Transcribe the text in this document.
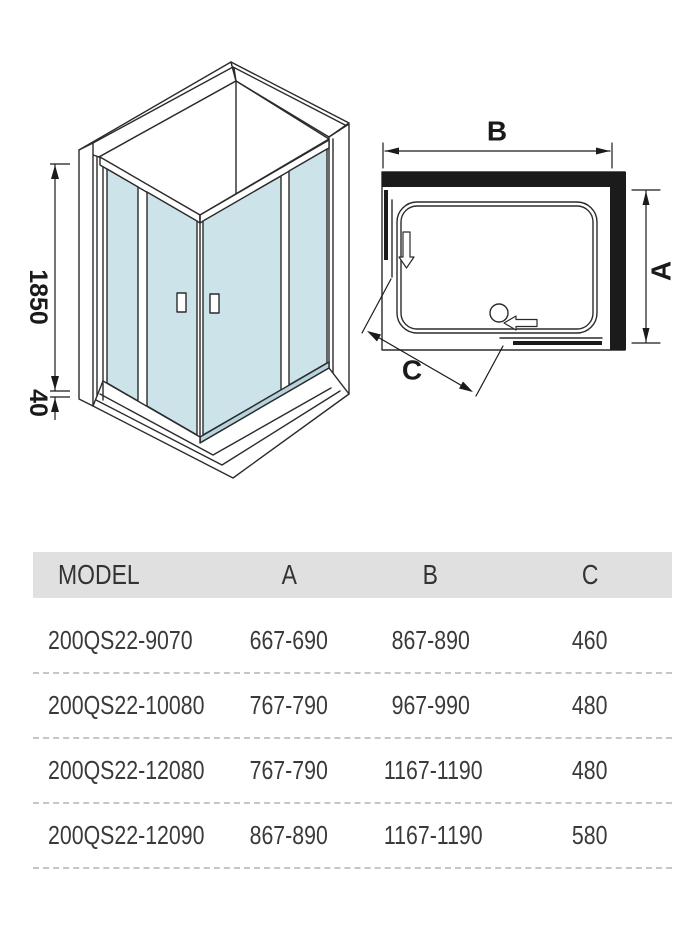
1850
40
B
A
C
MODEL	A	B	C
200QS22-9070	667-690	867-890	460
200QS22-10080	767-790	967-990	480
200QS22-12080	767-790	1167-1190	480
200QS22-12090	867-890	1167-1190	580
